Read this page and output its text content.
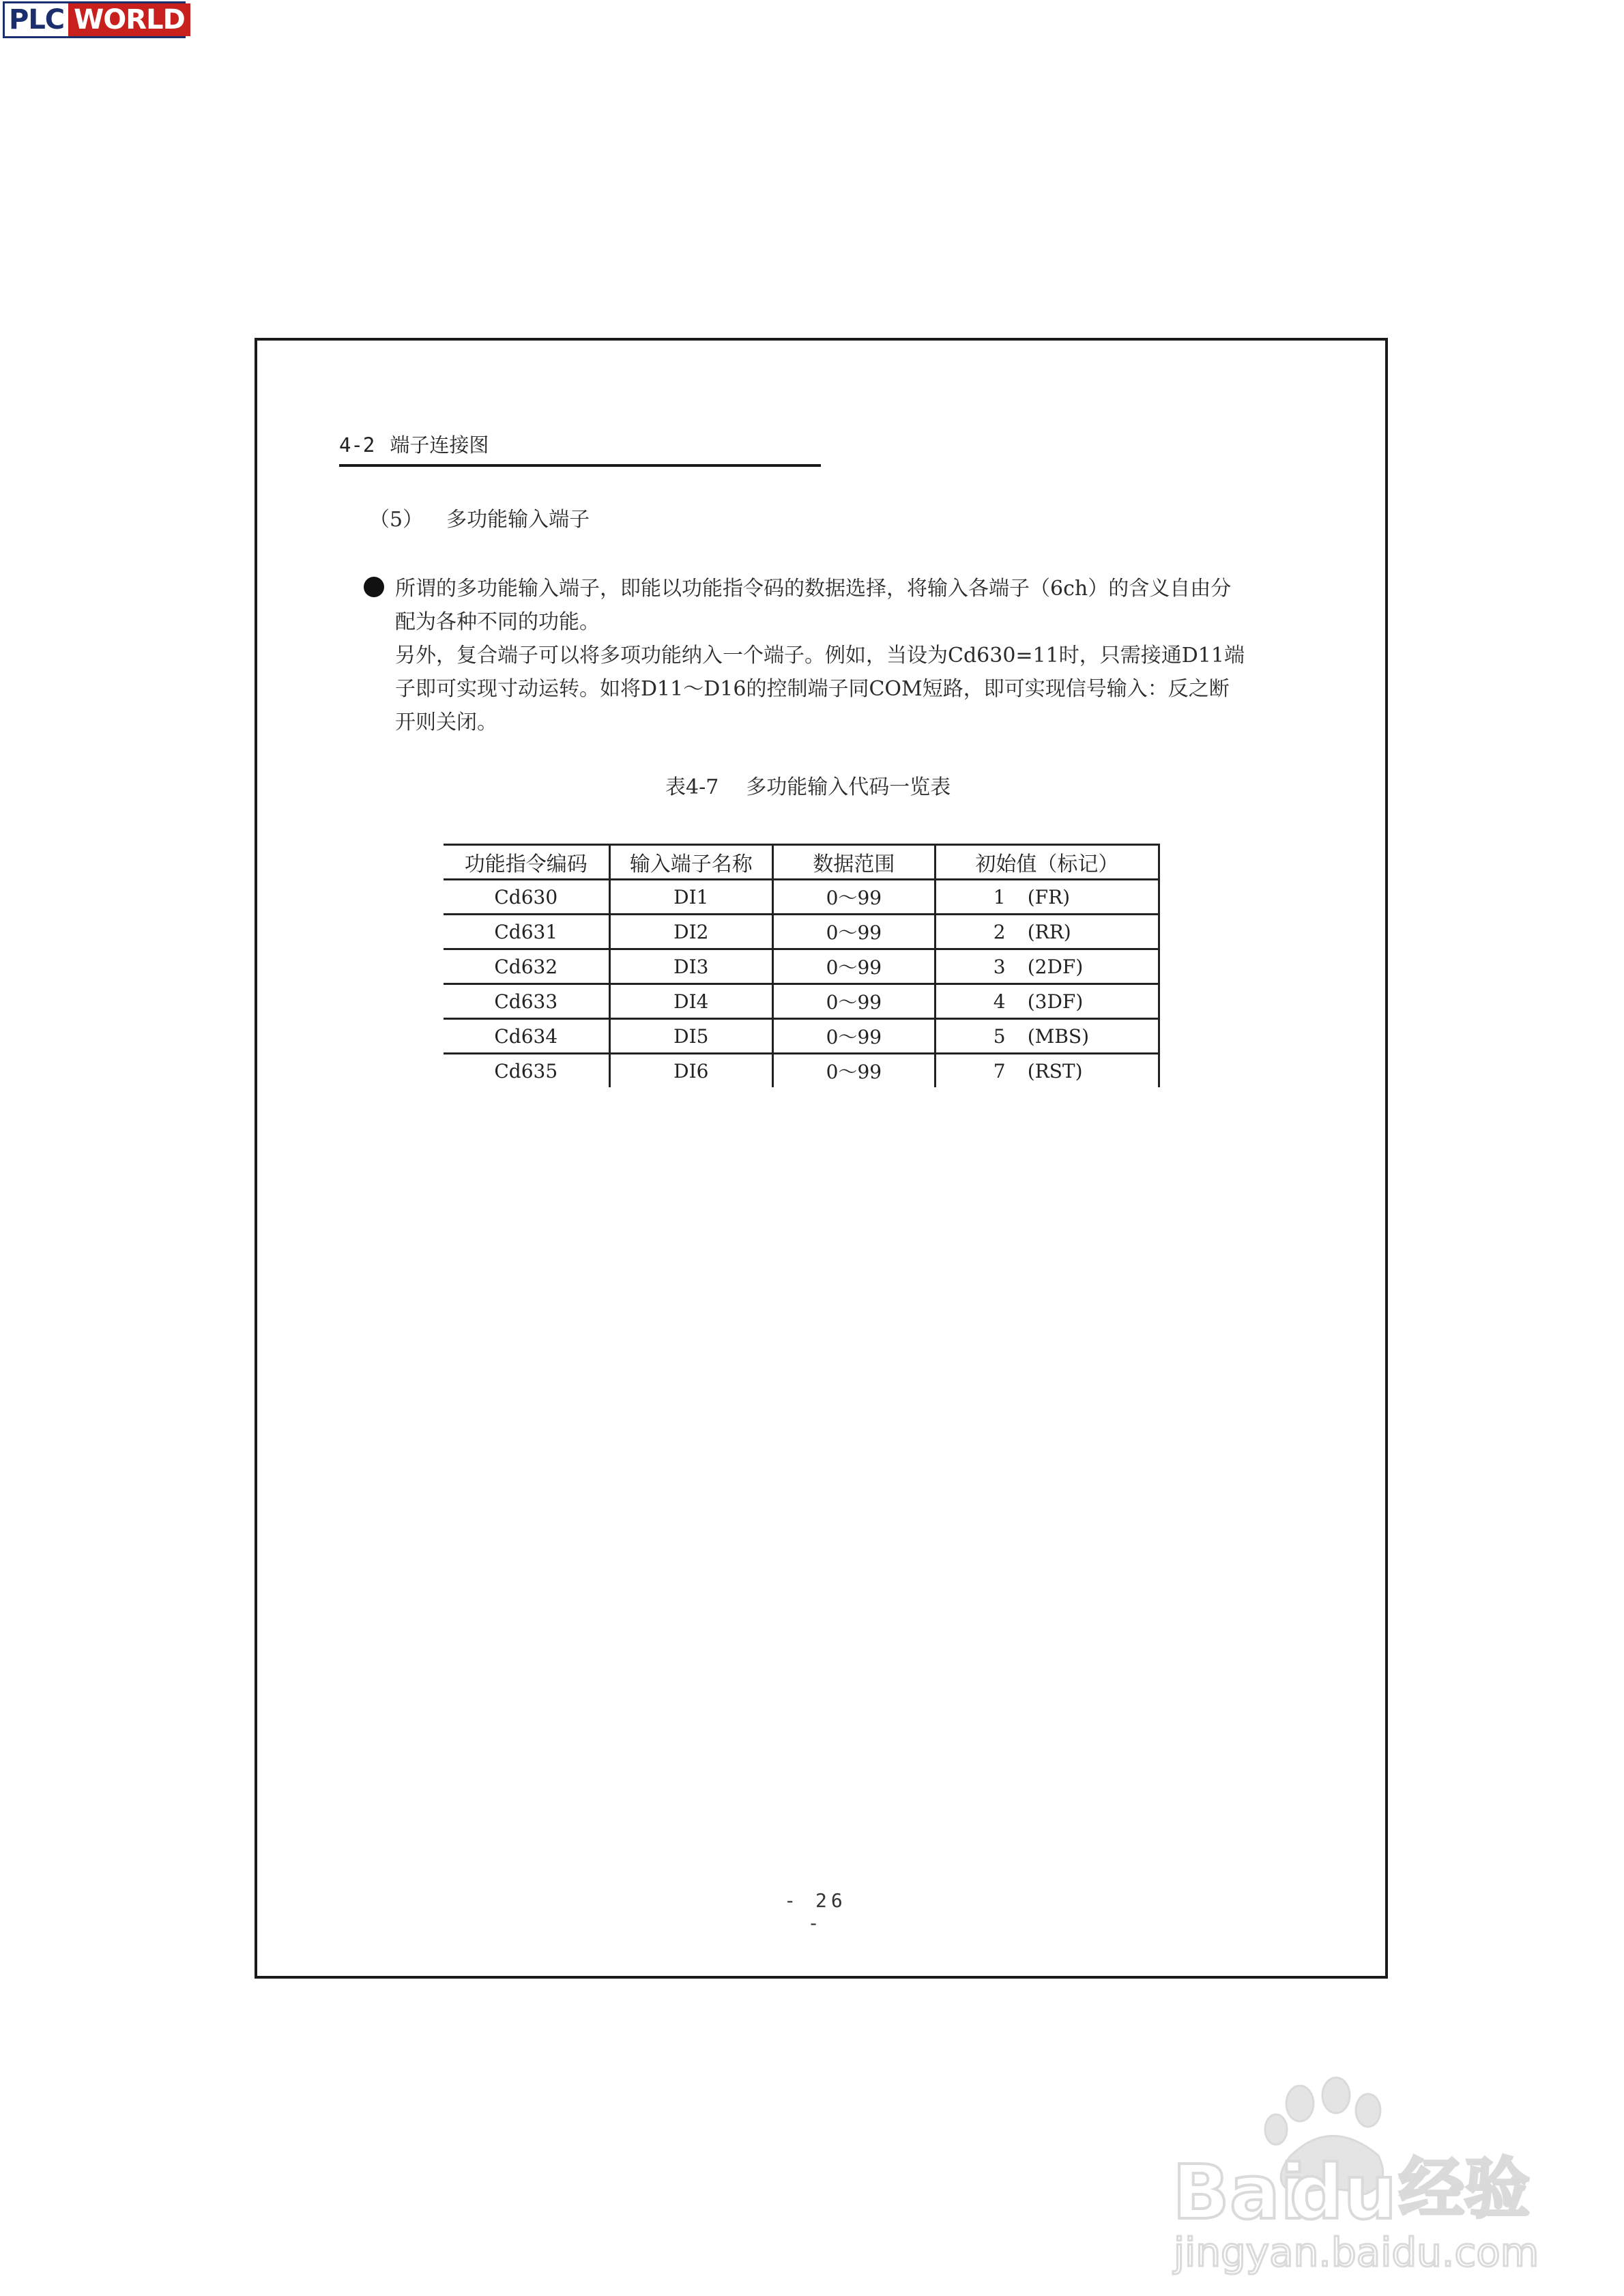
PLC WORLD
4-2 端子连接图
（5） 多功能输入端子
所谓的多功能输入端子，即能以功能指令码的数据选择，将输入各端子（6ch）的含义自由分
配为各种不同的功能。
另外，复合端子可以将多项功能纳入一个端子。例如，当设为Cd630=11时，只需接通D11端
子即可实现寸动运转。如将D11～D16的控制端子同COM短路，即可实现信号输入：反之断
开则关闭。
表4-7 多功能输入代码一览表
功能指令编码	输入端子名称	数据范围	初始值（标记）
Cd630	DI1	0～99	1 (FR)
Cd631	DI2	0～99	2 (RR)
Cd632	DI3	0～99	3 (2DF)
Cd633	DI4	0～99	4 (3DF)
Cd634	DI5	0～99	5 (MBS)
Cd635	DI6	0～99	7 (RST)
- 26 -
Bai
du 经验
jingyan.baidu.com
